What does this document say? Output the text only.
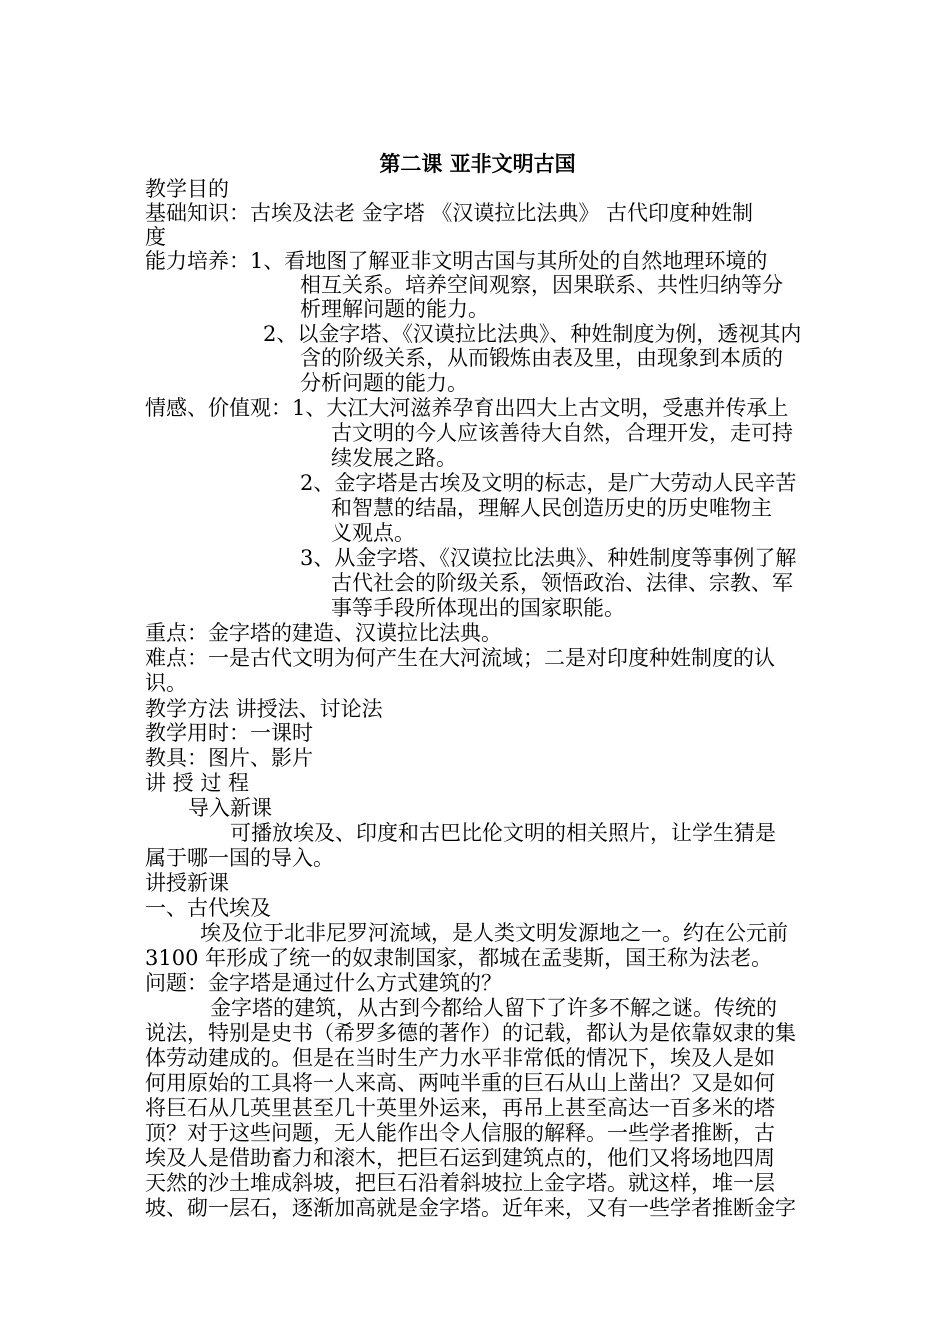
第二课 亚非文明古国
教学目的
基础知识：古埃及法老 金字塔 《汉谟拉比法典》 古代印度种姓制
度
能力培养：1、看地图了解亚非文明古国与其所处的自然地理环境的
相互关系。培养空间观察，因果联系、共性归纳等分
析理解问题的能力。
2、以金字塔、《汉谟拉比法典》、种姓制度为例，透视其内
含的阶级关系，从而锻炼由表及里，由现象到本质的
分析问题的能力。
情感、价值观：1、大江大河滋养孕育出四大上古文明，受惠并传承上
古文明的今人应该善待大自然，合理开发，走可持
续发展之路。
2、金字塔是古埃及文明的标志，是广大劳动人民辛苦
和智慧的结晶，理解人民创造历史的历史唯物主
义观点。
3、从金字塔、《汉谟拉比法典》、种姓制度等事例了解
古代社会的阶级关系，领悟政治、法律、宗教、军
事等手段所体现出的国家职能。
重点：金字塔的建造、汉谟拉比法典。
难点：一是古代文明为何产生在大河流域；二是对印度种姓制度的认
识。
教学方法 讲授法、讨论法
教学用时：一课时
教具：图片、影片
讲 授 过 程
导入新课
可播放埃及、印度和古巴比伦文明的相关照片，让学生猜是
属于哪一国的导入。
讲授新课
一、古代埃及
埃及位于北非尼罗河流域，是人类文明发源地之一。约在公元前
3100 年形成了统一的奴隶制国家，都城在孟斐斯，国王称为法老。
问题：金字塔是通过什么方式建筑的？
金字塔的建筑，从古到今都给人留下了许多不解之谜。传统的
说法，特别是史书（希罗多德的著作）的记载，都认为是依靠奴隶的集
体劳动建成的。但是在当时生产力水平非常低的情况下，埃及人是如
何用原始的工具将一人来高、两吨半重的巨石从山上凿出？又是如何
将巨石从几英里甚至几十英里外运来，再吊上甚至高达一百多米的塔
顶？对于这些问题，无人能作出令人信服的解释。一些学者推断，古
埃及人是借助畜力和滚木，把巨石运到建筑点的，他们又将场地四周
天然的沙土堆成斜坡，把巨石沿着斜坡拉上金字塔。就这样，堆一层
坡、砌一层石，逐渐加高就是金字塔。近年来，又有一些学者推断金字
